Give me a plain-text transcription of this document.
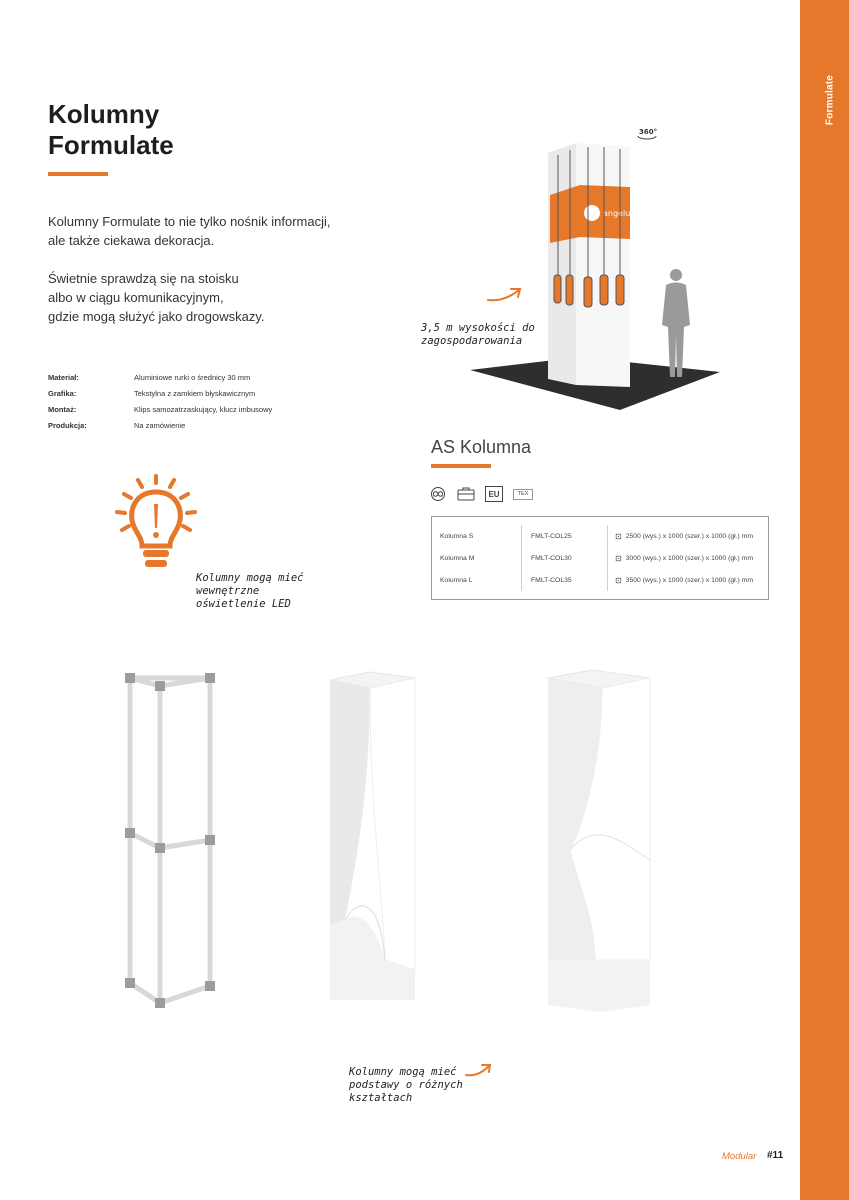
Formulate
Kolumny
Formulate

Kolumny Formulate to nie tylko nośnik informacji,
ale także ciekawa dekoracja.

Świetnie sprawdzą się na stoisku
albo w ciągu komunikacyjnym,
gdzie mogą służyć jako drogowskazy.

Materiał:	Aluminiowe rurki o średnicy 30 mm
Grafika:	Tekstylna z zamkiem błyskawicznym
Montaż:	Klips samozatrzaskujący, klucz imbusowy
Produkcja:	Na zamówienie
angelus
360°
3,5 m wysokości do
zagospodarowania
Kolumny mogą mieć
wewnętrzne
oświetlenie LED
AS Kolumna
EU	TEX
Kolumna S	FMLT-COL25	⊡ 2500 (wys.) x 1000 (szer.) x 1000 (gł.) mm
Kolumna M	FMLT-COL30	⊡ 3000 (wys.) x 1000 (szer.) x 1000 (gł.) mm
Kolumna L	FMLT-COL35	⊡ 3500 (wys.) x 1000 (szer.) x 1000 (gł.) mm
Kolumny mogą mieć
podstawy o różnych
kształtach
Modular #11
